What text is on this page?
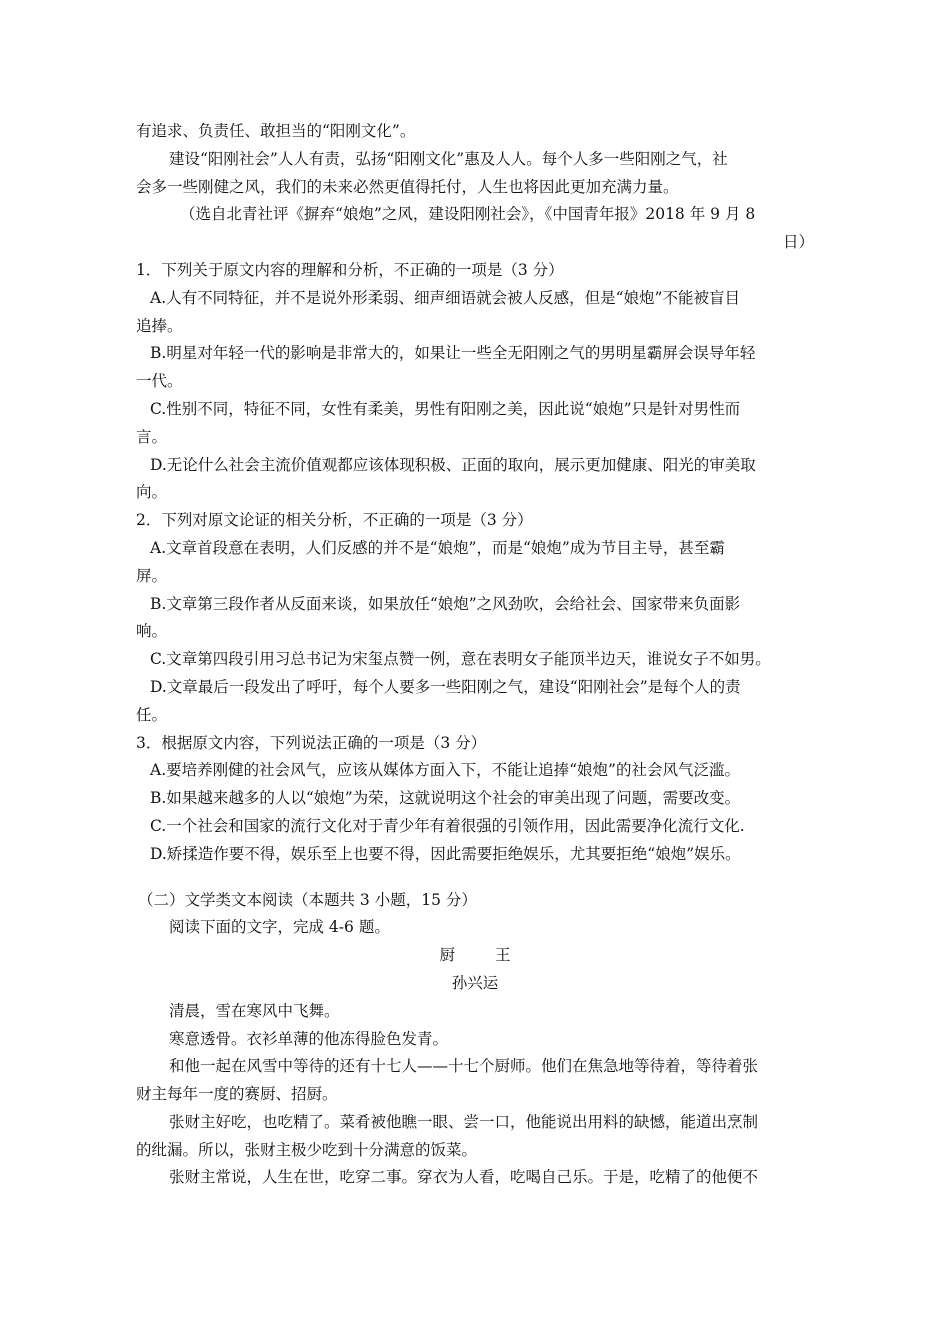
有追求、负责任、敢担当的“阳刚文化”。
建设“阳刚社会”人人有责，弘扬“阳刚文化”惠及人人。每个人多一些阳刚之气，社
会多一些刚健之风，我们的未来必然更值得托付，人生也将因此更加充满力量。
（选自北青社评《摒弃“娘炮”之风，建设阳刚社会》，《中国青年报》2018 年 9 月 8
日）
1．下列关于原文内容的理解和分析，不正确的一项是（3 分）
A.人有不同特征，并不是说外形柔弱、细声细语就会被人反感，但是“娘炮”不能被盲目
追捧。
B.明星对年轻一代的影响是非常大的，如果让一些全无阳刚之气的男明星霸屏会误导年轻
一代。
C.性别不同，特征不同，女性有柔美，男性有阳刚之美，因此说“娘炮”只是针对男性而
言。
D.无论什么社会主流价值观都应该体现积极、正面的取向，展示更加健康、阳光的审美取
向。
2．下列对原文论证的相关分析，不正确的一项是（3 分）
A.文章首段意在表明，人们反感的并不是“娘炮”，而是“娘炮”成为节目主导，甚至霸
屏。
B.文章第三段作者从反面来谈，如果放任“娘炮”之风劲吹，会给社会、国家带来负面影
响。
C.文章第四段引用习总书记为宋玺点赞一例，意在表明女子能顶半边天，谁说女子不如男。
D.文章最后一段发出了呼吁，每个人要多一些阳刚之气，建设“阳刚社会”是每个人的责
任。
3．根据原文内容，下列说法正确的一项是（3 分）
A.要培养刚健的社会风气，应该从媒体方面入下，不能让追捧“娘炮”的社会风气泛滥。
B.如果越来越多的人以“娘炮”为荣，这就说明这个社会的审美出现了问题，需要改变。
C.一个社会和国家的流行文化对于青少年有着很强的引领作用，因此需要净化流行文化.
D.矫揉造作要不得，娱乐至上也要不得，因此需要拒绝娱乐，尤其要拒绝“娘炮”娱乐。
（二）文学类文本阅读（本题共 3 小题，15 分）
阅读下面的文字，完成 4-6 题。
厨王
孙兴运
清晨，雪在寒风中飞舞。
寒意透骨。衣衫单薄的他冻得脸色发青。
和他一起在风雪中等待的还有十七人——十七个厨师。他们在焦急地等待着，等待着张
财主每年一度的赛厨、招厨。
张财主好吃，也吃精了。菜肴被他瞧一眼、尝一口，他能说出用料的缺憾，能道出烹制
的纰漏。所以，张财主极少吃到十分满意的饭菜。
张财主常说，人生在世，吃穿二事。穿衣为人看，吃喝自己乐。于是，吃精了的他便不
